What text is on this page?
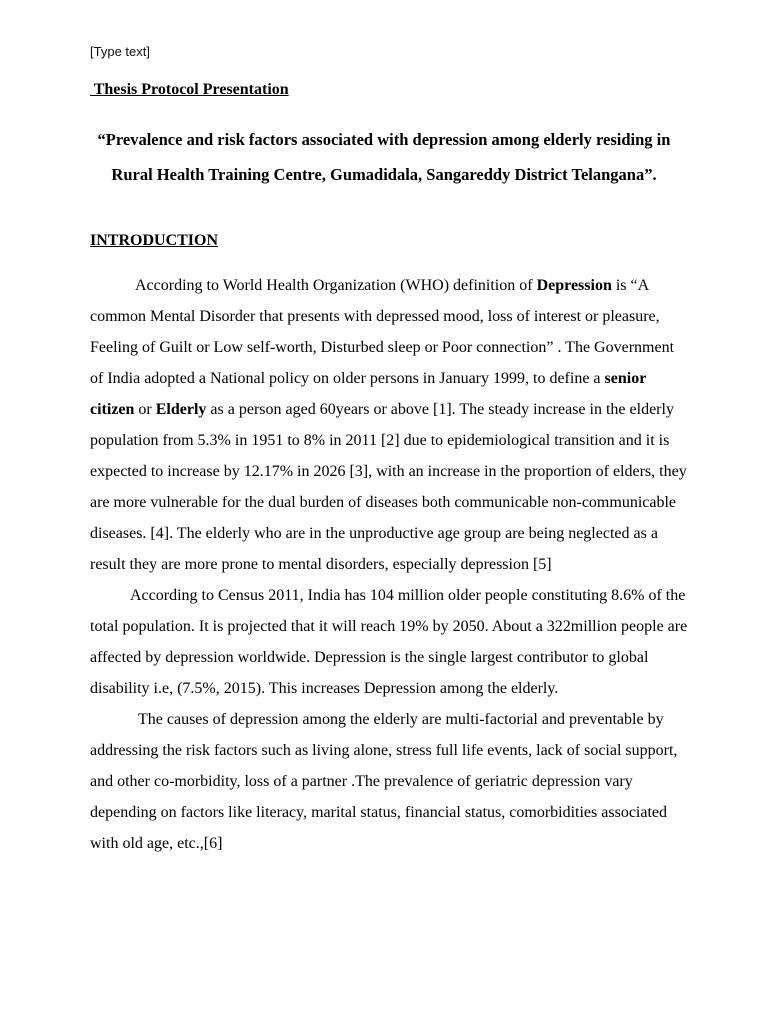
[Type text]
Thesis Protocol Presentation
“Prevalence and risk factors associated with depression among elderly residing in Rural Health Training Centre, Gumadidala, Sangareddy District Telangana”.
INTRODUCTION

According to World Health Organization (WHO) definition of Depression is “A common Mental Disorder that presents with depressed mood, loss of interest or pleasure, Feeling of Guilt or Low self-worth, Disturbed sleep or Poor connection” . The Government of India adopted a National policy on older persons in January 1999, to define a senior citizen or Elderly as a person aged 60years or above [1]. The steady increase in the elderly population from 5.3% in 1951 to 8% in 2011 [2] due to epidemiological transition and it is expected to increase by 12.17% in 2026 [3], with an increase in the proportion of elders, they are more vulnerable for the dual burden of diseases both communicable non-communicable diseases. [4]. The elderly who are in the unproductive age group are being neglected as a result they are more prone to mental disorders, especially depression [5]

According to Census 2011, India has 104 million older people constituting 8.6% of the total population. It is projected that it will reach 19% by 2050. About a 322million people are affected by depression worldwide. Depression is the single largest contributor to global disability i.e, (7.5%, 2015). This increases Depression among the elderly.

The causes of depression among the elderly are multi-factorial and preventable by addressing the risk factors such as living alone, stress full life events, lack of social support, and other co-morbidity, loss of a partner .The prevalence of geriatric depression vary depending on factors like literacy, marital status, financial status, comorbidities associated with old age, etc.,[6]
